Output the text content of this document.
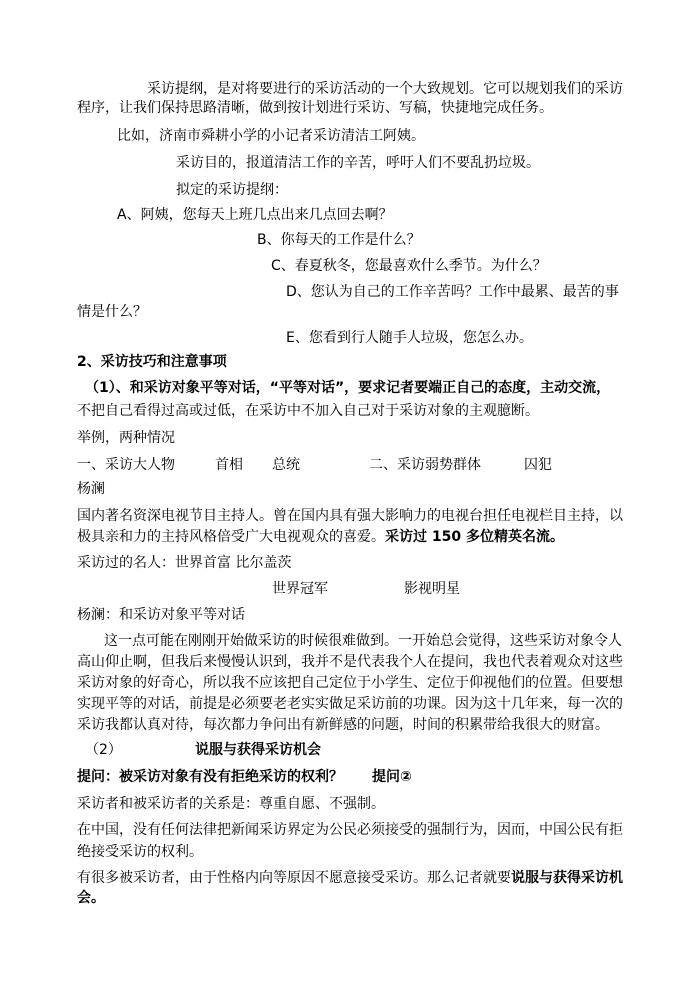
采访提纲，是对将要进行的采访活动的一个大致规划。它可以规划我们的采访

程序，让我们保持思路清晰，做到按计划进行采访、写稿，快捷地完成任务。

比如，济南市舜耕小学的小记者采访清洁工阿姨。

采访目的，报道清洁工作的辛苦，呼吁人们不要乱扔垃圾。

拟定的采访提纲：

A、阿姨，您每天上班几点出来几点回去啊？

B、你每天的工作是什么？

C、春夏秋冬，您最喜欢什么季节。为什么？

D、您认为自己的工作辛苦吗？工作中最累、最苦的事

情是什么？

E、您看到行人随手人垃圾，您怎么办。

2、采访技巧和注意事项

（1）、和采访对象平等对话，“平等对话”，要求记者要端正自己的态度，主动交流，

不把自己看得过高或过低，在采访中不加入自己对于采访对象的主观臆断。

举例，两种情况

一、采访大人物	首相 总统	二、采访弱势群体	囚犯

杨澜

国内著名资深电视节目主持人。曾在国内具有强大影响力的电视台担任电视栏目主持，以

极具亲和力的主持风格倍受广大电视观众的喜爱。采访过 150 多位精英名流。

采访过的名人：世界首富 比尔盖茨

世界冠军	影视明星

杨澜：和采访对象平等对话

这一点可能在刚刚开始做采访的时候很难做到。一开始总会觉得，这些采访对象令人

高山仰止啊，但我后来慢慢认识到，我并不是代表我个人在提问，我也代表着观众对这些

采访对象的好奇心，所以我不应该把自己定位于小学生、定位于仰视他们的位置。但要想

实现平等的对话，前提是必须要老老实实做足采访前的功课。因为这十几年来，每一次的

采访我都认真对待，每次都力争问出有新鲜感的问题，时间的积累带给我很大的财富。

（2）	说服与获得采访机会

提问：被采访对象有没有拒绝采访的权利？ 提问②

采访者和被采访者的关系是：尊重自愿、不强制。

在中国，没有任何法律把新闻采访界定为公民必须接受的强制行为，因而，中国公民有拒

绝接受采访的权利。

有很多被采访者，由于性格内向等原因不愿意接受采访。那么记者就要说服与获得采访机

会。
